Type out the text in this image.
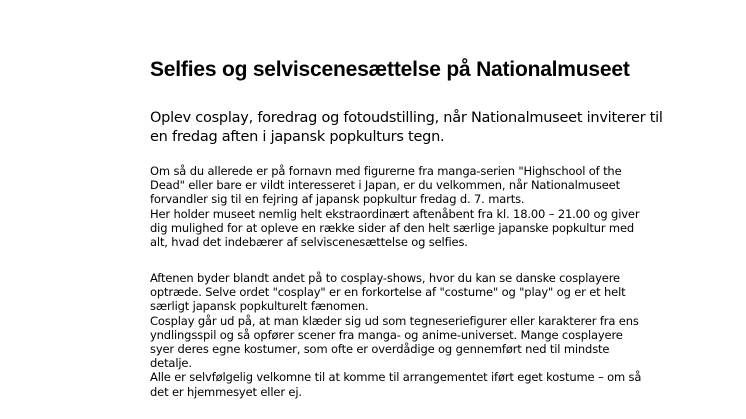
Selfies og selviscenesættelse på Nationalmuseet

Oplev cosplay, foredrag og fotoudstilling, når Nationalmuseet inviterer til
en fredag aften i japansk popkulturs tegn.

Om så du allerede er på fornavn med figurerne fra manga-serien "Highschool of the
Dead" eller bare er vildt interesseret i Japan, er du velkommen, når Nationalmuseet
forvandler sig til en fejring af japansk popkultur fredag d. 7. marts.
Her holder museet nemlig helt ekstraordinært aftenåbent fra kl. 18.00 – 21.00 og giver
dig mulighed for at opleve en række sider af den helt særlige japanske popkultur med
alt, hvad det indebærer af selviscenesættelse og selfies.

Aftenen byder blandt andet på to cosplay-shows, hvor du kan se danske cosplayere
optræde. Selve ordet "cosplay" er en forkortelse af "costume" og "play" og er et helt
særligt japansk popkulturelt fænomen.
Cosplay går ud på, at man klæder sig ud som tegneseriefigurer eller karakterer fra ens
yndlingsspil og så opfører scener fra manga- og anime-universet. Mange cosplayere
syer deres egne kostumer, som ofte er overdådige og gennemført ned til mindste
detalje.
Alle er selvfølgelig velkomne til at komme til arrangementet iført eget kostume – om så
det er hjemmesyet eller ej.
